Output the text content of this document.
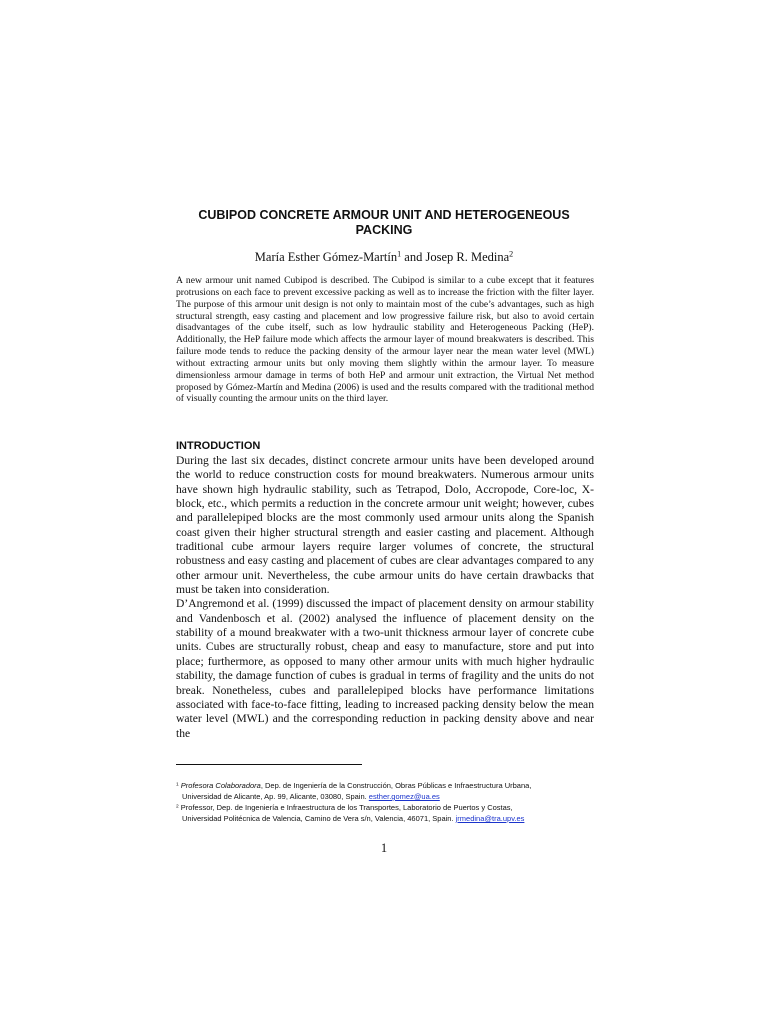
CUBIPOD CONCRETE ARMOUR UNIT AND HETEROGENEOUS PACKING

María Esther Gómez-Martín$^1$ and Josep R. Medina$^2$

A new armour unit named Cubipod is described. The Cubipod is similar to a cube except that it features protrusions on each face to prevent excessive packing as well as to increase the friction with the filter layer. The purpose of this armour unit design is not only to maintain most of the cube’s advantages, such as high structural strength, easy casting and placement and low progressive failure risk, but also to avoid certain disadvantages of the cube itself, such as low hydraulic stability and Heterogeneous Packing (HeP). Additionally, the HeP failure mode which affects the armour layer of mound breakwaters is described. This failure mode tends to reduce the packing density of the armour layer near the mean water level (MWL) without extracting armour units but only moving them slightly within the armour layer. To measure dimensionless armour damage in terms of both HeP and armour unit extraction, the Virtual Net method proposed by Gómez-Martín and Medina (2006) is used and the results compared with the traditional method of visually counting the armour units on the third layer.

INTRODUCTION

During the last six decades, distinct concrete armour units have been developed around the world to reduce construction costs for mound breakwaters. Numerous armour units have shown high hydraulic stability, such as Tetrapod, Dolo, Accropode, Core-loc, X-block, etc., which permits a reduction in the concrete armour unit weight; however, cubes and parallelepiped blocks are the most commonly used armour units along the Spanish coast given their higher structural strength and easier casting and placement. Although traditional cube armour layers require larger volumes of concrete, the structural robustness and easy casting and placement of cubes are clear advantages compared to any other armour unit. Nevertheless, the cube armour units do have certain drawbacks that must be taken into consideration.

D’Angremond et al. (1999) discussed the impact of placement density on armour stability and Vandenbosch et al. (2002) analysed the influence of placement density on the stability of a mound breakwater with a two-unit thickness armour layer of concrete cube units. Cubes are structurally robust, cheap and easy to manufacture, store and put into place; furthermore, as opposed to many other armour units with much higher hydraulic stability, the damage function of cubes is gradual in terms of fragility and the units do not break. Nonetheless, cubes and parallelepiped blocks have performance limitations associated with face-to-face fitting, leading to increased packing density below the mean water level (MWL) and the corresponding reduction in packing density above and near the

$^1$ Profesora Colaboradora, Dep. de Ingeniería de la Construcción, Obras Públicas e Infraestructura Urbana,
Universidad de Alicante, Ap. 99, Alicante, 03080, Spain. esther.gomez@ua.es

$^2$ Professor, Dep. de Ingeniería e Infraestructura de los Transportes, Laboratorio de Puertos y Costas,
Universidad Politécnica de Valencia, Camino de Vera s/n, Valencia, 46071, Spain. jrmedina@tra.upv.es

1
